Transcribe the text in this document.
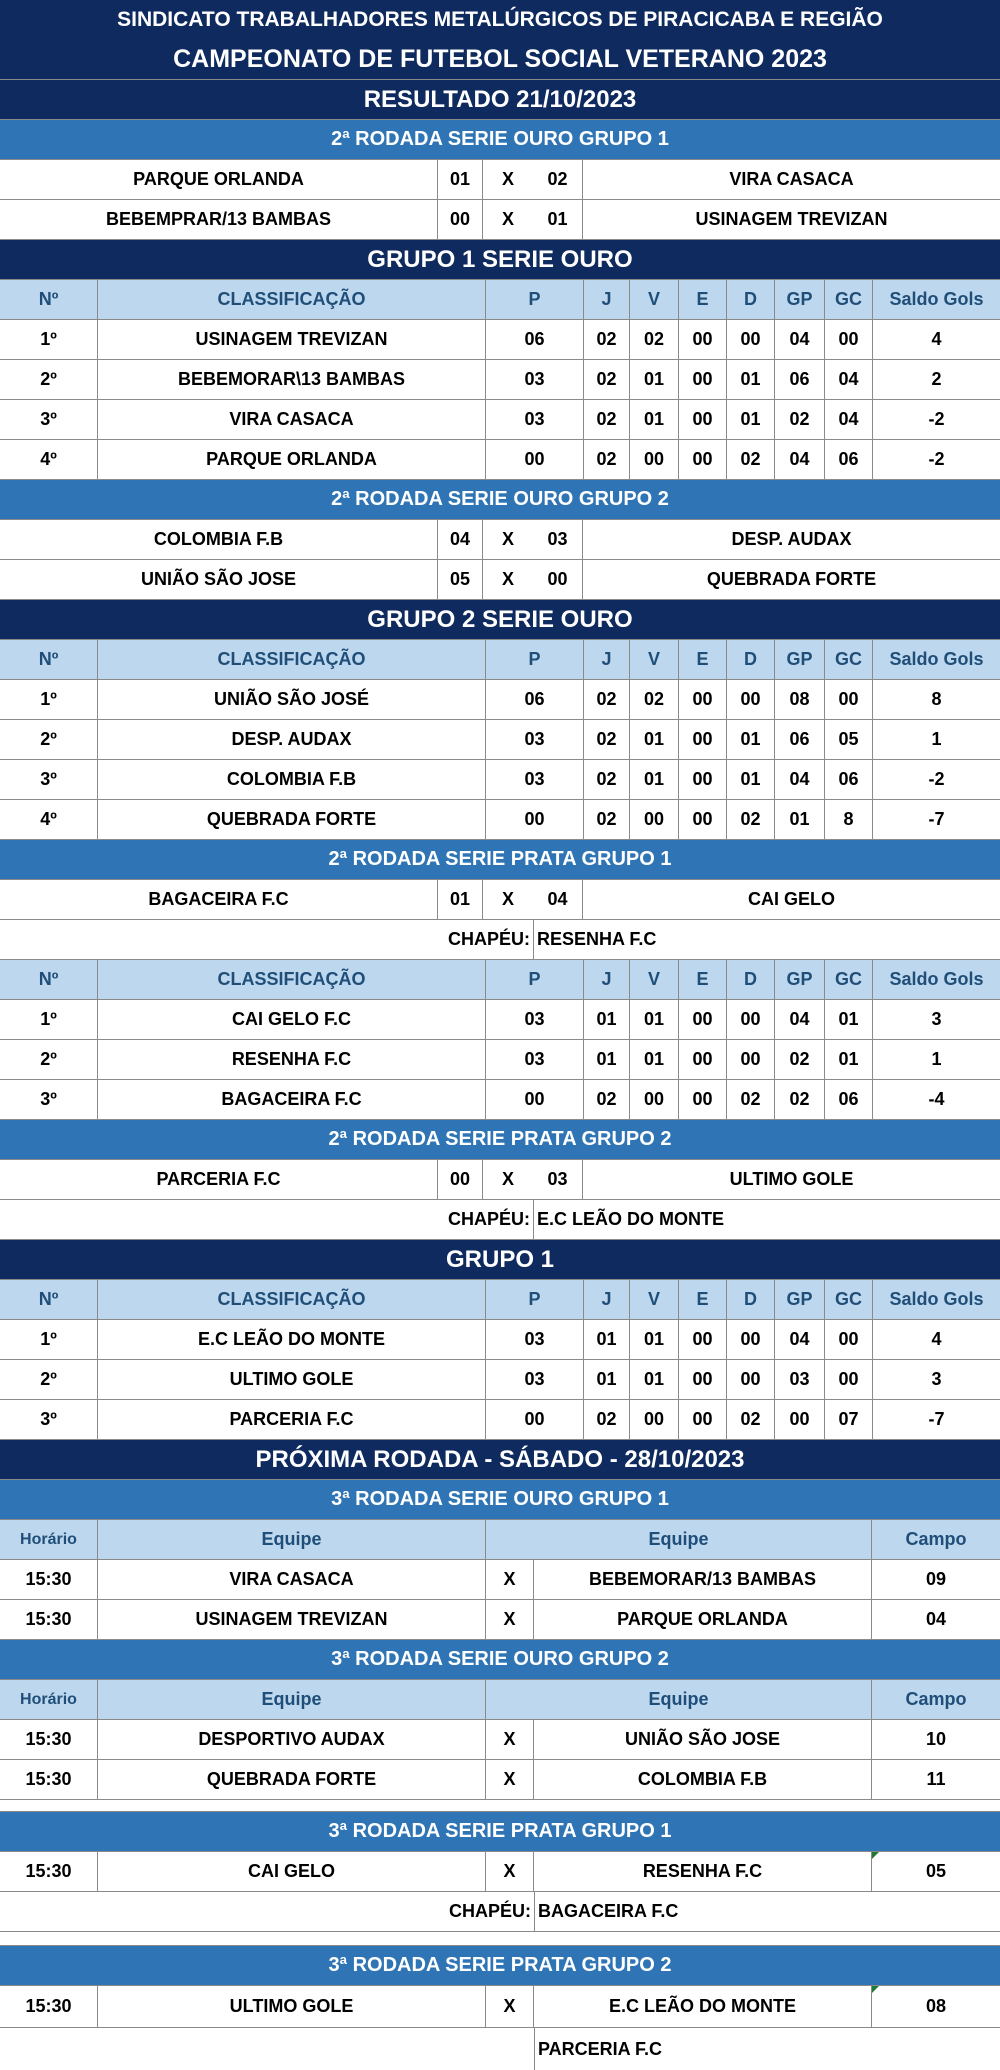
SINDICATO TRABALHADORES METALÚRGICOS DE PIRACICABA E REGIÃO
CAMPEONATO DE FUTEBOL SOCIAL VETERANO 2023
RESULTADO 21/10/2023
2ª RODADA SERIE OURO GRUPO 1
PARQUE ORLANDA	01	X	02	VIRA CASACA
BEBEMPRAR/13 BAMBAS	00	X	01	USINAGEM TREVIZAN
GRUPO 1 SERIE OURO
Nº	CLASSIFICAÇÃO	P	J	V	E	D	GP	GC	Saldo Gols
1º	USINAGEM TREVIZAN	06	02	02	00	00	04	00	4
2º	BEBEMORAR\13 BAMBAS	03	02	01	00	01	06	04	2
3º	VIRA CASACA	03	02	01	00	01	02	04	-2
4º	PARQUE ORLANDA	00	02	00	00	02	04	06	-2
2ª RODADA SERIE OURO GRUPO 2
COLOMBIA F.B	04	X	03	DESP. AUDAX
UNIÃO SÃO JOSE	05	X	00	QUEBRADA FORTE
GRUPO 2 SERIE OURO
Nº	CLASSIFICAÇÃO	P	J	V	E	D	GP	GC	Saldo Gols
1º	UNIÃO SÃO JOSÉ	06	02	02	00	00	08	00	8
2º	DESP. AUDAX	03	02	01	00	01	06	05	1
3º	COLOMBIA F.B	03	02	01	00	01	04	06	-2
4º	QUEBRADA FORTE	00	02	00	00	02	01	8	-7
2ª RODADA SERIE PRATA GRUPO 1
BAGACEIRA F.C	01	X	04	CAI GELO
CHAPÉU: RESENHA F.C
Nº	CLASSIFICAÇÃO	P	J	V	E	D	GP	GC	Saldo Gols
1º	CAI GELO F.C	03	01	01	00	00	04	01	3
2º	RESENHA F.C	03	01	01	00	00	02	01	1
3º	BAGACEIRA F.C	00	02	00	00	02	02	06	-4
2ª RODADA SERIE PRATA GRUPO 2
PARCERIA F.C	00	X	03	ULTIMO GOLE
CHAPÉU: E.C LEÃO DO MONTE
GRUPO 1
Nº	CLASSIFICAÇÃO	P	J	V	E	D	GP	GC	Saldo Gols
1º	E.C LEÃO DO MONTE	03	01	01	00	00	04	00	4
2º	ULTIMO GOLE	03	01	01	00	00	03	00	3
3º	PARCERIA F.C	00	02	00	00	02	00	07	-7
PRÓXIMA RODADA - SÁBADO - 28/10/2023
3ª RODADA SERIE OURO GRUPO 1
Horário	Equipe	Equipe	Campo
15:30	VIRA CASACA	X	BEBEMORAR/13 BAMBAS	09
15:30	USINAGEM TREVIZAN	X	PARQUE ORLANDA	04
3ª RODADA SERIE OURO GRUPO 2
Horário	Equipe	Equipe	Campo
15:30	DESPORTIVO AUDAX	X	UNIÃO SÃO JOSE	10
15:30	QUEBRADA FORTE	X	COLOMBIA F.B	11
3ª RODADA SERIE PRATA GRUPO 1
15:30	CAI GELO	X	RESENHA F.C	05
CHAPÉU: BAGACEIRA F.C
3ª RODADA SERIE PRATA GRUPO 2
15:30	ULTIMO GOLE	X	E.C LEÃO DO MONTE	08
PARCERIA F.C
